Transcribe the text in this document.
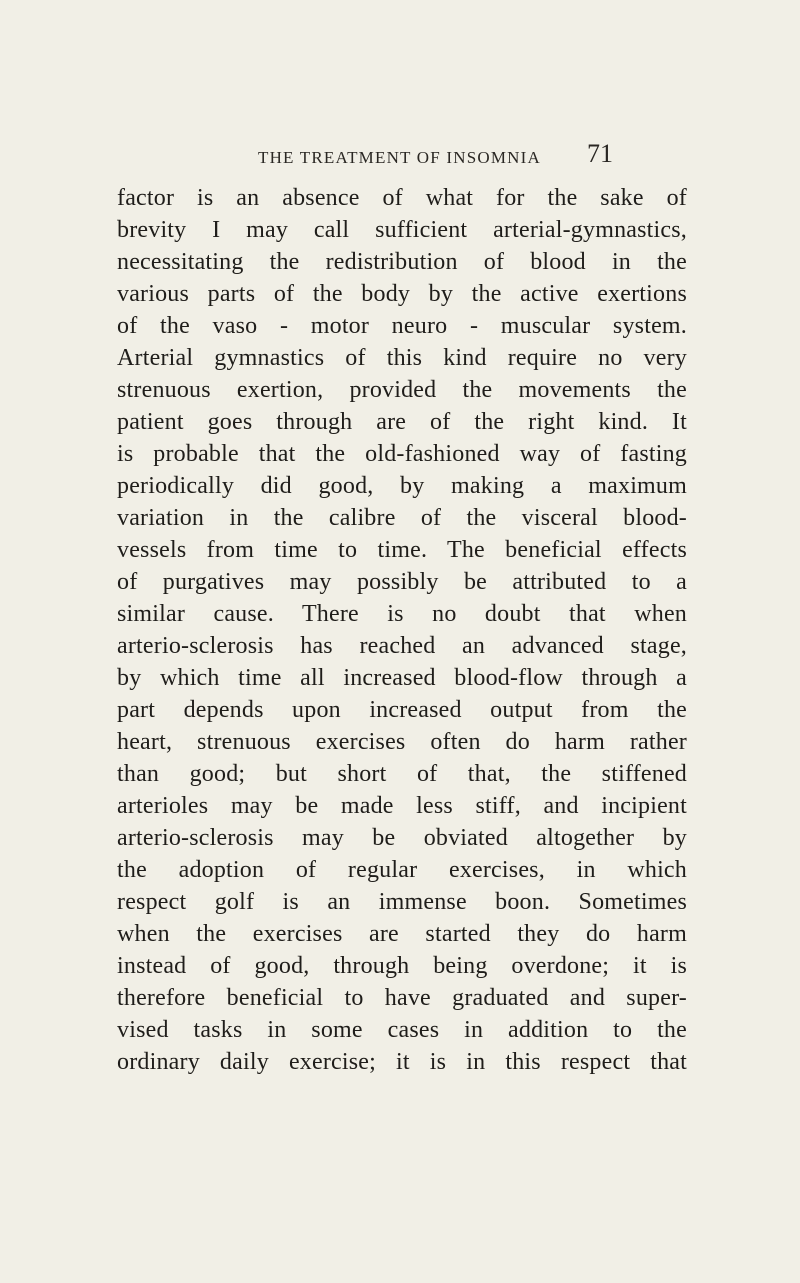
THE TREATMENT OF INSOMNIA 71
factor is an absence of what for the sake of
brevity I may call sufficient arterial-gymnastics,
necessitating the redistribution of blood in the
various parts of the body by the active exertions
of the vaso - motor neuro - muscular system.
Arterial gymnastics of this kind require no very
strenuous exertion, provided the movements the
patient goes through are of the right kind. It
is probable that the old-fashioned way of fasting
periodically did good, by making a maximum
variation in the calibre of the visceral blood-
vessels from time to time. The beneficial effects
of purgatives may possibly be attributed to a
similar cause. There is no doubt that when
arterio-sclerosis has reached an advanced stage,
by which time all increased blood-flow through a
part depends upon increased output from the
heart, strenuous exercises often do harm rather
than good; but short of that, the stiffened
arterioles may be made less stiff, and incipient
arterio-sclerosis may be obviated altogether by
the adoption of regular exercises, in which
respect golf is an immense boon. Sometimes
when the exercises are started they do harm
instead of good, through being overdone; it is
therefore beneficial to have graduated and super-
vised tasks in some cases in addition to the
ordinary daily exercise; it is in this respect that
